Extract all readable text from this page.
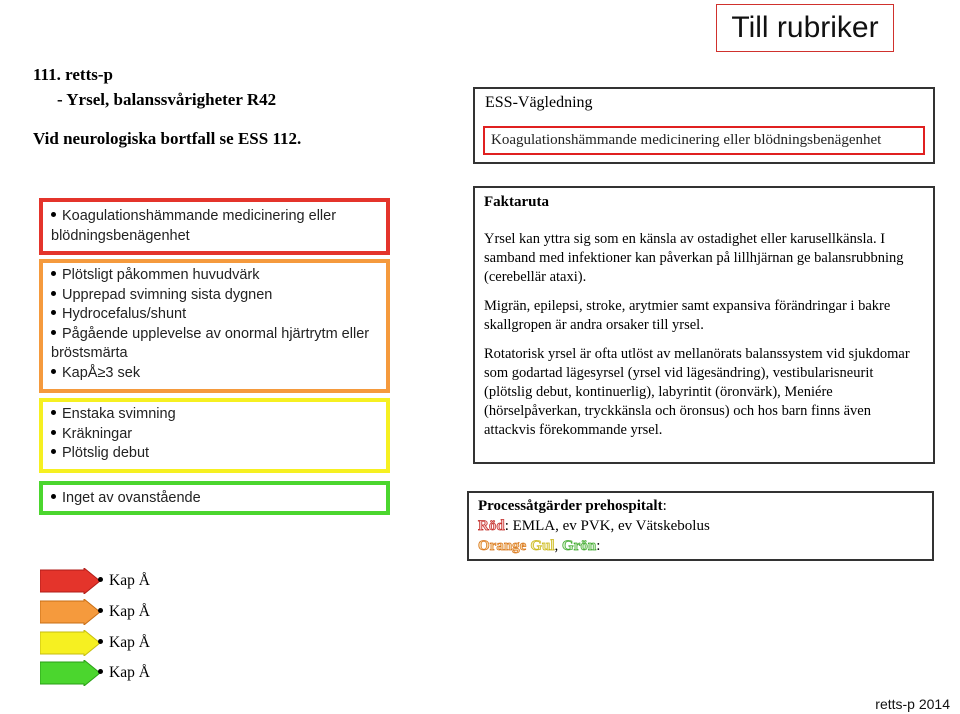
Till rubriker
111. retts-p
- Yrsel, balanssvårigheter R42
Vid neurologiska bortfall se ESS 112.
ESS-Vägledning
Koagulationshämmande medicinering eller blödningsbenägenhet
Koagulationshämmande medicinering eller blödningsbenägenhet
Plötsligt påkommen huvudvärk
Upprepad svimning sista dygnen
Hydrocefalus/shunt
Pågående upplevelse av onormal hjärtrytm eller bröstsmärta
KapÅ≥3 sek
Enstaka svimning
Kräkningar
Plötslig debut
Inget av ovanstående

Faktaruta

Yrsel kan yttra sig som en känsla av ostadighet eller karusellkänsla. I samband med infektioner kan påverkan på lillhjärnan ge balansrubbning (cerebellär ataxi).

Migrän, epilepsi, stroke, arytmier samt expansiva förändringar i bakre skallgropen är andra orsaker till yrsel.

Rotatorisk yrsel är ofta utlöst av mellanörats balanssystem vid sjukdomar som godartad lägesyrsel (yrsel vid lägesändring), vestibularisneurit (plötslig debut, kontinuerlig), labyrintit (öronvärk), Meniére (hörselpåverkan, tryckkänsla och öronsus) och hos barn finns även attackvis förekommande yrsel.

Processåtgärder prehospitalt:
Röd: EMLA, ev PVK, ev Vätskebolus
Orange Gul, Grön:
Kap Å
Kap Å
Kap Å
Kap Å
retts-p 2014
